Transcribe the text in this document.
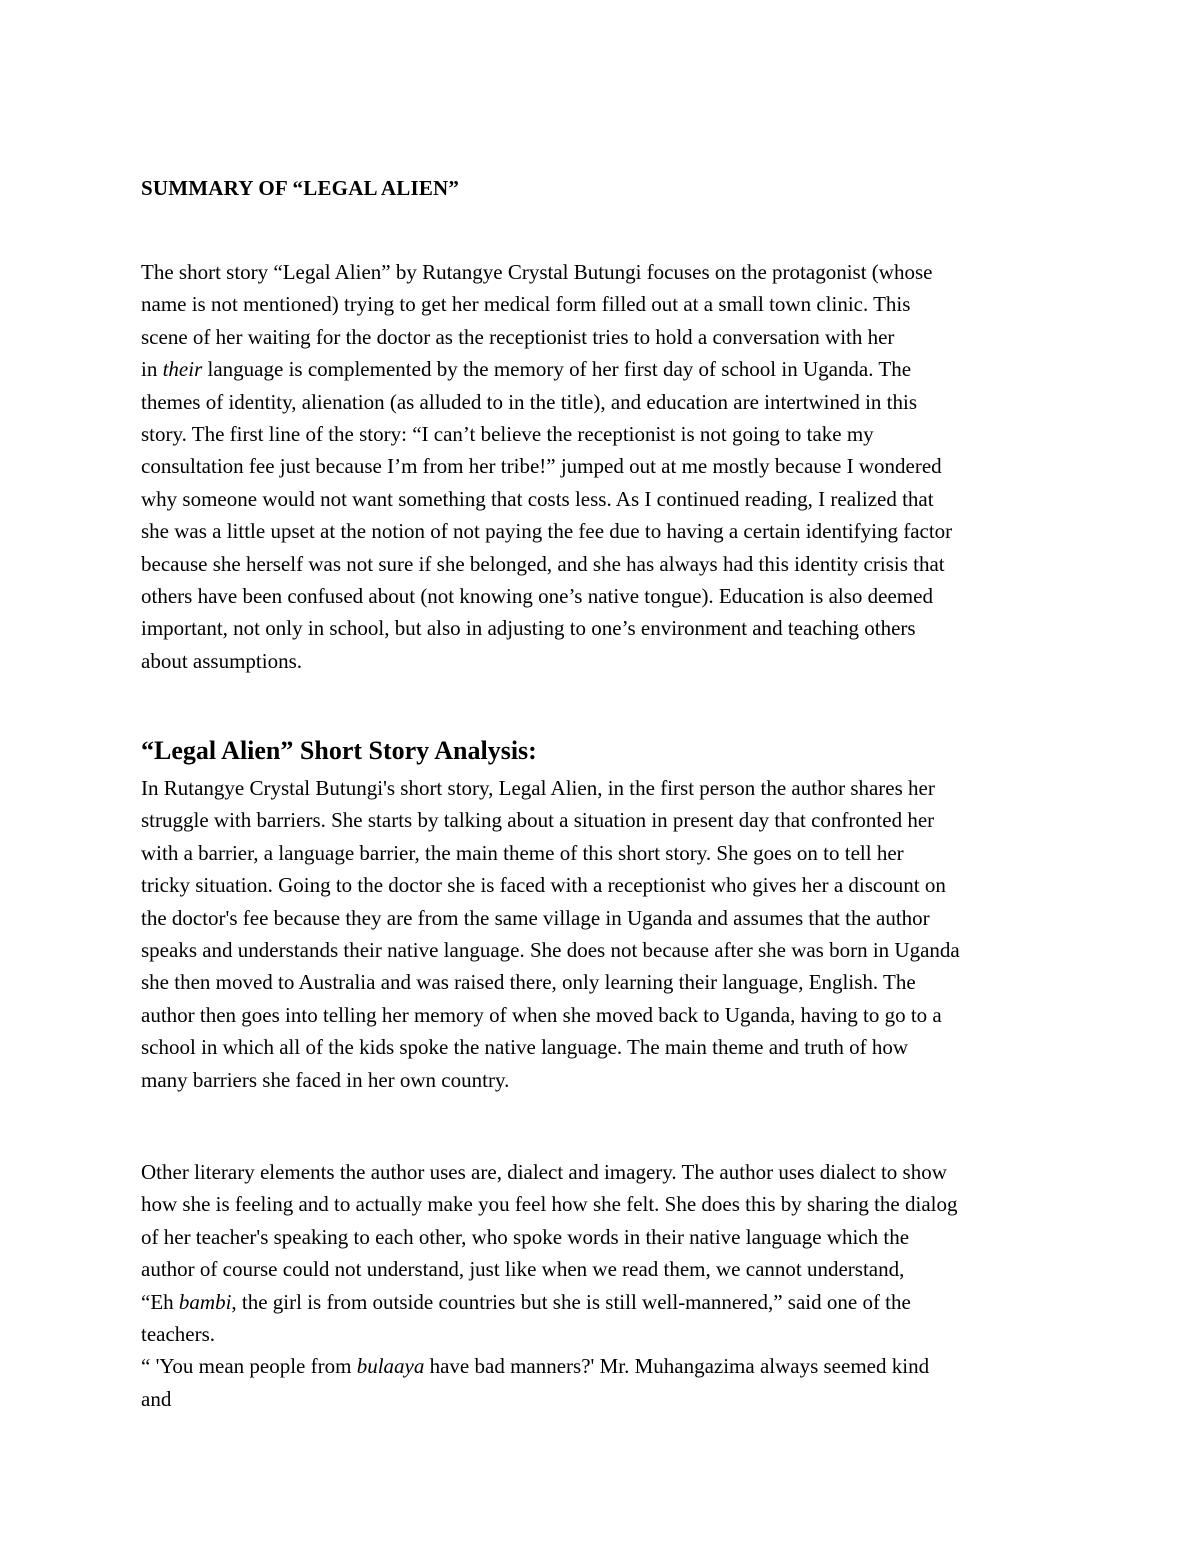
SUMMARY OF “LEGAL ALIEN”
The short story “Legal Alien” by Rutangye Crystal Butungi focuses on the protagonist (whose
name is not mentioned) trying to get her medical form filled out at a small town clinic. This
scene of her waiting for the doctor as the receptionist tries to hold a conversation with her
in their language is complemented by the memory of her first day of school in Uganda. The
themes of identity, alienation (as alluded to in the title), and education are intertwined in this
story. The first line of the story: “I can’t believe the receptionist is not going to take my
consultation fee just because I’m from her tribe!” jumped out at me mostly because I wondered
why someone would not want something that costs less. As I continued reading, I realized that
she was a little upset at the notion of not paying the fee due to having a certain identifying factor
because she herself was not sure if she belonged, and she has always had this identity crisis that
others have been confused about (not knowing one’s native tongue). Education is also deemed
important, not only in school, but also in adjusting to one’s environment and teaching others
about assumptions.
“Legal Alien” Short Story Analysis:
In Rutangye Crystal Butungi's short story, Legal Alien, in the first person the author shares her
struggle with barriers. She starts by talking about a situation in present day that confronted her
with a barrier, a language barrier, the main theme of this short story. She goes on to tell her
tricky situation. Going to the doctor she is faced with a receptionist who gives her a discount on
the doctor's fee because they are from the same village in Uganda and assumes that the author
speaks and understands their native language. She does not because after she was born in Uganda
she then moved to Australia and was raised there, only learning their language, English. The
author then goes into telling her memory of when she moved back to Uganda, having to go to a
school in which all of the kids spoke the native language. The main theme and truth of how
many barriers she faced in her own country.
Other literary elements the author uses are, dialect and imagery. The author uses dialect to show
how she is feeling and to actually make you feel how she felt. She does this by sharing the dialog
of her teacher's speaking to each other, who spoke words in their native language which the
author of course could not understand, just like when we read them, we cannot understand,
“Eh bambi, the girl is from outside countries but she is still well-mannered,” said one of the
teachers.
“ 'You mean people from bulaaya have bad manners?' Mr. Muhangazima always seemed kind
and
